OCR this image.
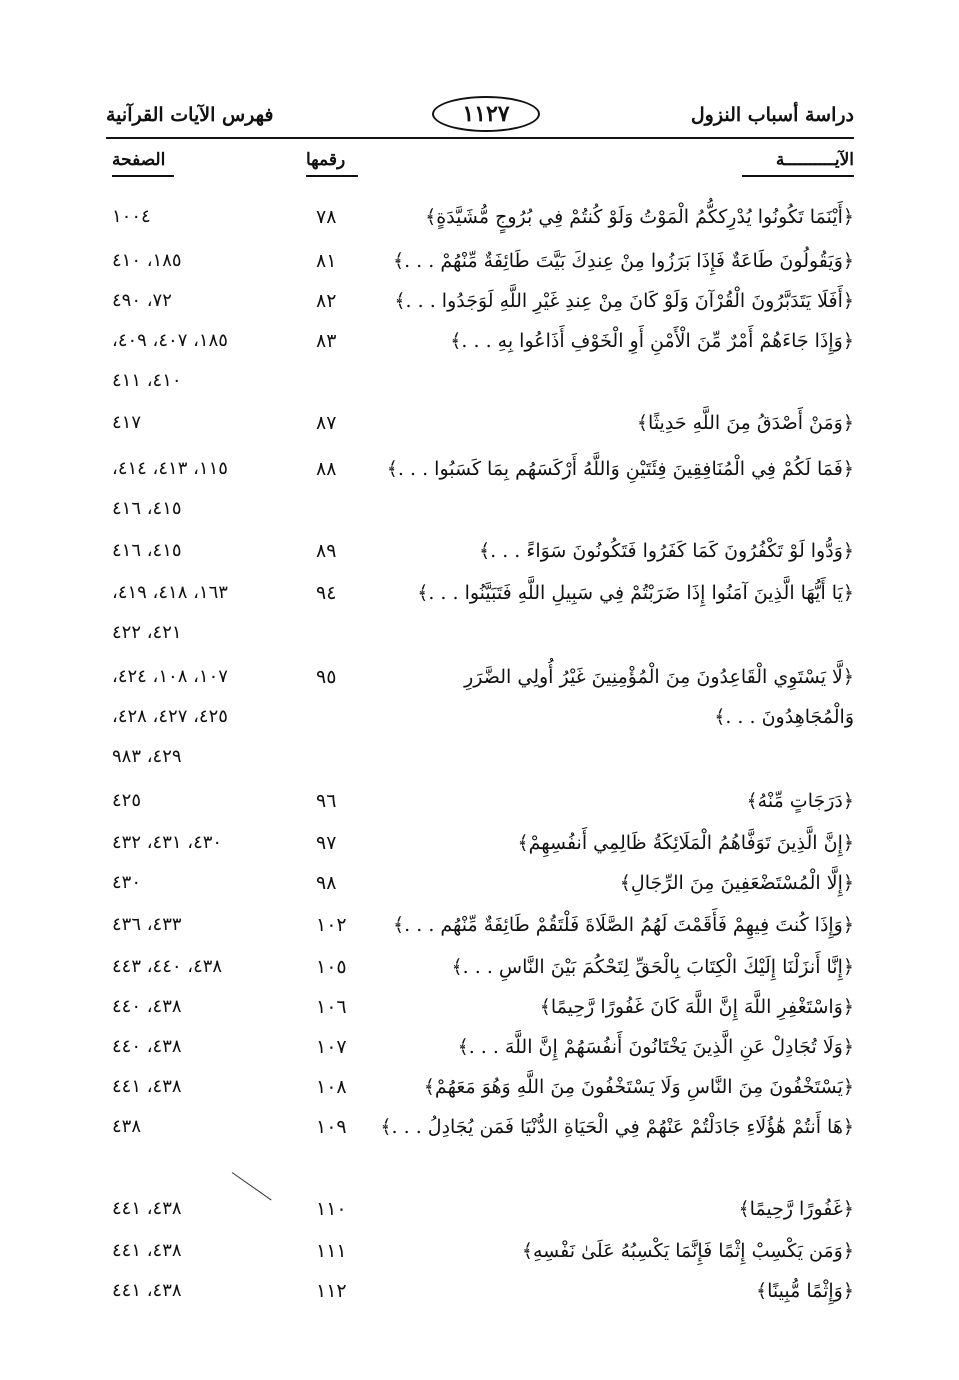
دراسة أسباب النزول
١١٢٧
فهرس الآيات القرآنية
الآيــــــــــة
رقمها
الصفحة
﴿أَيْنَمَا تَكُونُوا يُدْرِككُّمُ الْمَوْتُ وَلَوْ كُنتُمْ فِي بُرُوجٍ مُّشَيَّدَةٍ﴾
٧٨
١٠٠٤
﴿وَيَقُولُونَ طَاعَةٌ فَإِذَا بَرَزُوا مِنْ عِندِكَ بَيَّتَ طَائِفَةٌ مِّنْهُمْ . . .﴾
٨١
١٨٥، ٤١٠
﴿أَفَلَا يَتَدَبَّرُونَ الْقُرْآنَ وَلَوْ كَانَ مِنْ عِندِ غَيْرِ اللَّهِ لَوَجَدُوا . . .﴾
٨٢
٧٢، ٤٩٠
﴿وَإِذَا جَاءَهُمْ أَمْرٌ مِّنَ الْأَمْنِ أَوِ الْخَوْفِ أَذَاعُوا بِهِ . . .﴾
٨٣
١٨٥، ٤٠٧، ٤٠٩،
٤١٠، ٤١١
﴿وَمَنْ أَصْدَقُ مِنَ اللَّهِ حَدِيثًا﴾
٨٧
٤١٧
﴿فَمَا لَكُمْ فِي الْمُنَافِقِينَ فِئَتَيْنِ وَاللَّهُ أَرْكَسَهُم بِمَا كَسَبُوا . . .﴾
٨٨
١١٥، ٤١٣، ٤١٤،
٤١٥، ٤١٦
﴿وَدُّوا لَوْ تَكْفُرُونَ كَمَا كَفَرُوا فَتَكُونُونَ سَوَاءً . . .﴾
٨٩
٤١٥، ٤١٦
﴿يَا أَيُّهَا الَّذِينَ آمَنُوا إِذَا ضَرَبْتُمْ فِي سَبِيلِ اللَّهِ فَتَبَيَّنُوا . . .﴾
٩٤
١٦٣، ٤١٨، ٤١٩،
٤٢١، ٤٢٢
﴿لَّا يَسْتَوِي الْقَاعِدُونَ مِنَ الْمُؤْمِنِينَ غَيْرُ أُولِي الضَّرَرِ وَالْمُجَاهِدُونَ . . .﴾
٩٥
١٠٧، ١٠٨، ٤٢٤،
٤٢٥، ٤٢٧، ٤٢٨،
٤٢٩، ٩٨٣
﴿دَرَجَاتٍ مِّنْهُ﴾
٩٦
٤٢٥
﴿إِنَّ الَّذِينَ تَوَفَّاهُمُ الْمَلَائِكَةُ ظَالِمِي أَنفُسِهِمْ﴾
٩٧
٤٣٠، ٤٣١، ٤٣٢
﴿إِلَّا الْمُسْتَضْعَفِينَ مِنَ الرِّجَالِ﴾
٩٨
٤٣٠
﴿وَإِذَا كُنتَ فِيهِمْ فَأَقَمْتَ لَهُمُ الصَّلَاةَ فَلْتَقُمْ طَائِفَةٌ مِّنْهُم . . .﴾
١٠٢
٤٣٣، ٤٣٦
﴿إِنَّا أَنزَلْنَا إِلَيْكَ الْكِتَابَ بِالْحَقِّ لِتَحْكُمَ بَيْنَ النَّاسِ . . .﴾
١٠٥
٤٣٨، ٤٤٠، ٤٤٣
﴿وَاسْتَغْفِرِ اللَّهَ إِنَّ اللَّهَ كَانَ غَفُورًا رَّحِيمًا﴾
١٠٦
٤٣٨، ٤٤٠
﴿وَلَا تُجَادِلْ عَنِ الَّذِينَ يَخْتَانُونَ أَنفُسَهُمْ إِنَّ اللَّهَ . . .﴾
١٠٧
٤٣٨، ٤٤٠
﴿يَسْتَخْفُونَ مِنَ النَّاسِ وَلَا يَسْتَخْفُونَ مِنَ اللَّهِ وَهُوَ مَعَهُمْ﴾
١٠٨
٤٣٨، ٤٤١
﴿هَا أَنتُمْ هَٰؤُلَاءِ جَادَلْتُمْ عَنْهُمْ فِي الْحَيَاةِ الدُّنْيَا فَمَن يُجَادِلُ . . .﴾
١٠٩
٤٣٨
﴿غَفُورًا رَّحِيمًا﴾
١١٠
٤٣٨، ٤٤١
﴿وَمَن يَكْسِبْ إِثْمًا فَإِنَّمَا يَكْسِبُهُ عَلَىٰ نَفْسِهِ﴾
١١١
٤٣٨، ٤٤١
﴿وَإِثْمًا مُّبِينًا﴾
١١٢
٤٣٨، ٤٤١
